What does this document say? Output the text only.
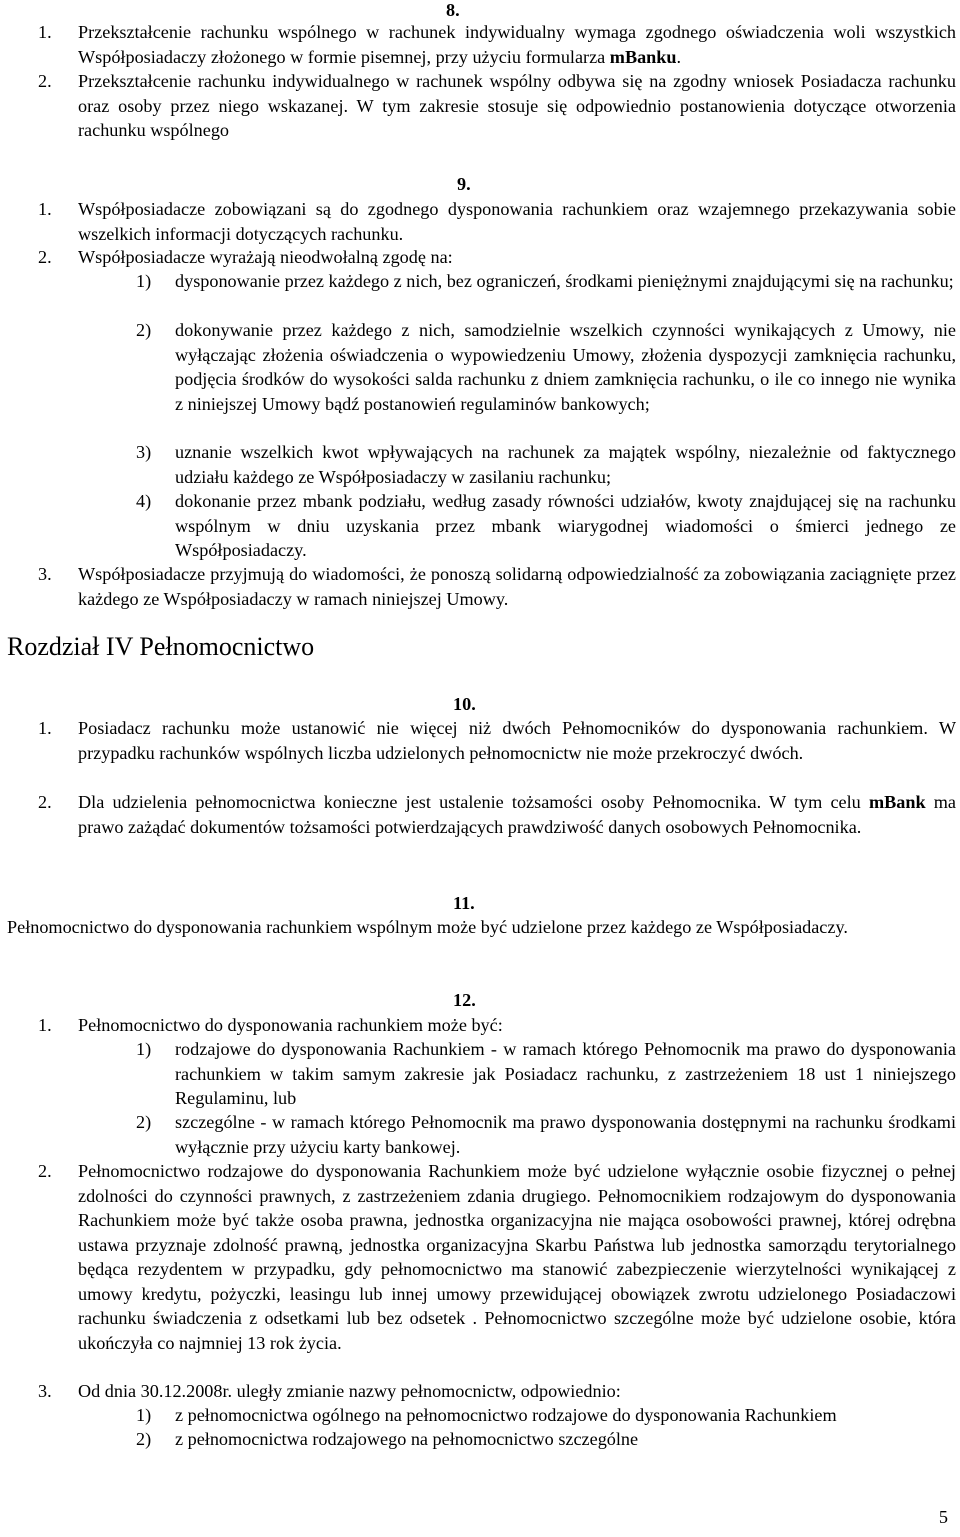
8.
1. Przekształcenie rachunku wspólnego w rachunek indywidualny wymaga zgodnego oświadczenia woli wszystkich Współposiadaczy złożonego w formie pisemnej, przy użyciu formularza mBanku.
2. Przekształcenie rachunku indywidualnego w rachunek wspólny odbywa się na zgodny wniosek Posiadacza rachunku oraz osoby przez niego wskazanej. W tym zakresie stosuje się odpowiednio postanowienia dotyczące otworzenia rachunku wspólnego
9.
1. Współposiadacze zobowiązani są do zgodnego dysponowania rachunkiem oraz wzajemnego przekazywania sobie wszelkich informacji dotyczących rachunku.
2. Współposiadacze wyrażają nieodwołalną zgodę na:
1) dysponowanie przez każdego z nich, bez ograniczeń, środkami pieniężnymi znajdującymi się na rachunku;
2) dokonywanie przez każdego z nich, samodzielnie wszelkich czynności wynikających z Umowy, nie wyłączając złożenia oświadczenia o wypowiedzeniu Umowy, złożenia dyspozycji zamknięcia rachunku, podjęcia środków do wysokości salda rachunku z dniem zamknięcia rachunku, o ile co innego nie wynika z niniejszej Umowy bądź postanowień regulaminów bankowych;
3) uznanie wszelkich kwot wpływających na rachunek za majątek wspólny, niezależnie od faktycznego udziału każdego ze Współposiadaczy w zasilaniu rachunku;
4) dokonanie przez mbank podziału, według zasady równości udziałów, kwoty znajdującej się na rachunku wspólnym w dniu uzyskania przez mbank wiarygodnej wiadomości o śmierci jednego ze Współposiadaczy.
3. Współposiadacze przyjmują do wiadomości, że ponoszą solidarną odpowiedzialność za zobowiązania zaciągnięte przez każdego ze Współposiadaczy w ramach niniejszej Umowy.
Rozdział IV Pełnomocnictwo
10.
1. Posiadacz rachunku może ustanowić nie więcej niż dwóch Pełnomocników do dysponowania rachunkiem. W przypadku rachunków wspólnych liczba udzielonych pełnomocnictw nie może przekroczyć dwóch.
2. Dla udzielenia pełnomocnictwa konieczne jest ustalenie tożsamości osoby Pełnomocnika. W tym celu mBank ma prawo zażądać dokumentów tożsamości potwierdzających prawdziwość danych osobowych Pełnomocnika.
11.
Pełnomocnictwo do dysponowania rachunkiem wspólnym może być udzielone przez każdego ze Współposiadaczy.
12.
1. Pełnomocnictwo do dysponowania rachunkiem może być:
1) rodzajowe do dysponowania Rachunkiem - w ramach którego Pełnomocnik ma prawo do dysponowania rachunkiem w takim samym zakresie jak Posiadacz rachunku, z zastrzeżeniem 18 ust 1 niniejszego Regulaminu, lub
2) szczególne - w ramach którego Pełnomocnik ma prawo dysponowania dostępnymi na rachunku środkami wyłącznie przy użyciu karty bankowej.
2. Pełnomocnictwo rodzajowe do dysponowania Rachunkiem może być udzielone wyłącznie osobie fizycznej o pełnej zdolności do czynności prawnych, z zastrzeżeniem zdania drugiego. Pełnomocnikiem rodzajowym do dysponowania Rachunkiem może być także osoba prawna, jednostka organizacyjna nie mająca osobowości prawnej, której odrębna ustawa przyznaje zdolność prawną, jednostka organizacyjna Skarbu Państwa lub jednostka samorządu terytorialnego będąca rezydentem w przypadku, gdy pełnomocnictwo ma stanowić zabezpieczenie wierzytelności wynikającej z umowy kredytu, pożyczki, leasingu lub innej umowy przewidującej obowiązek zwrotu udzielonego Posiadaczowi rachunku świadczenia z odsetkami lub bez odsetek . Pełnomocnictwo szczególne może być udzielone osobie, która ukończyła co najmniej 13 rok życia.
3. Od dnia 30.12.2008r. uległy zmianie nazwy pełnomocnictw, odpowiednio:
1) z pełnomocnictwa ogólnego na pełnomocnictwo rodzajowe do dysponowania Rachunkiem
2) z pełnomocnictwa rodzajowego na pełnomocnictwo szczególne
5
